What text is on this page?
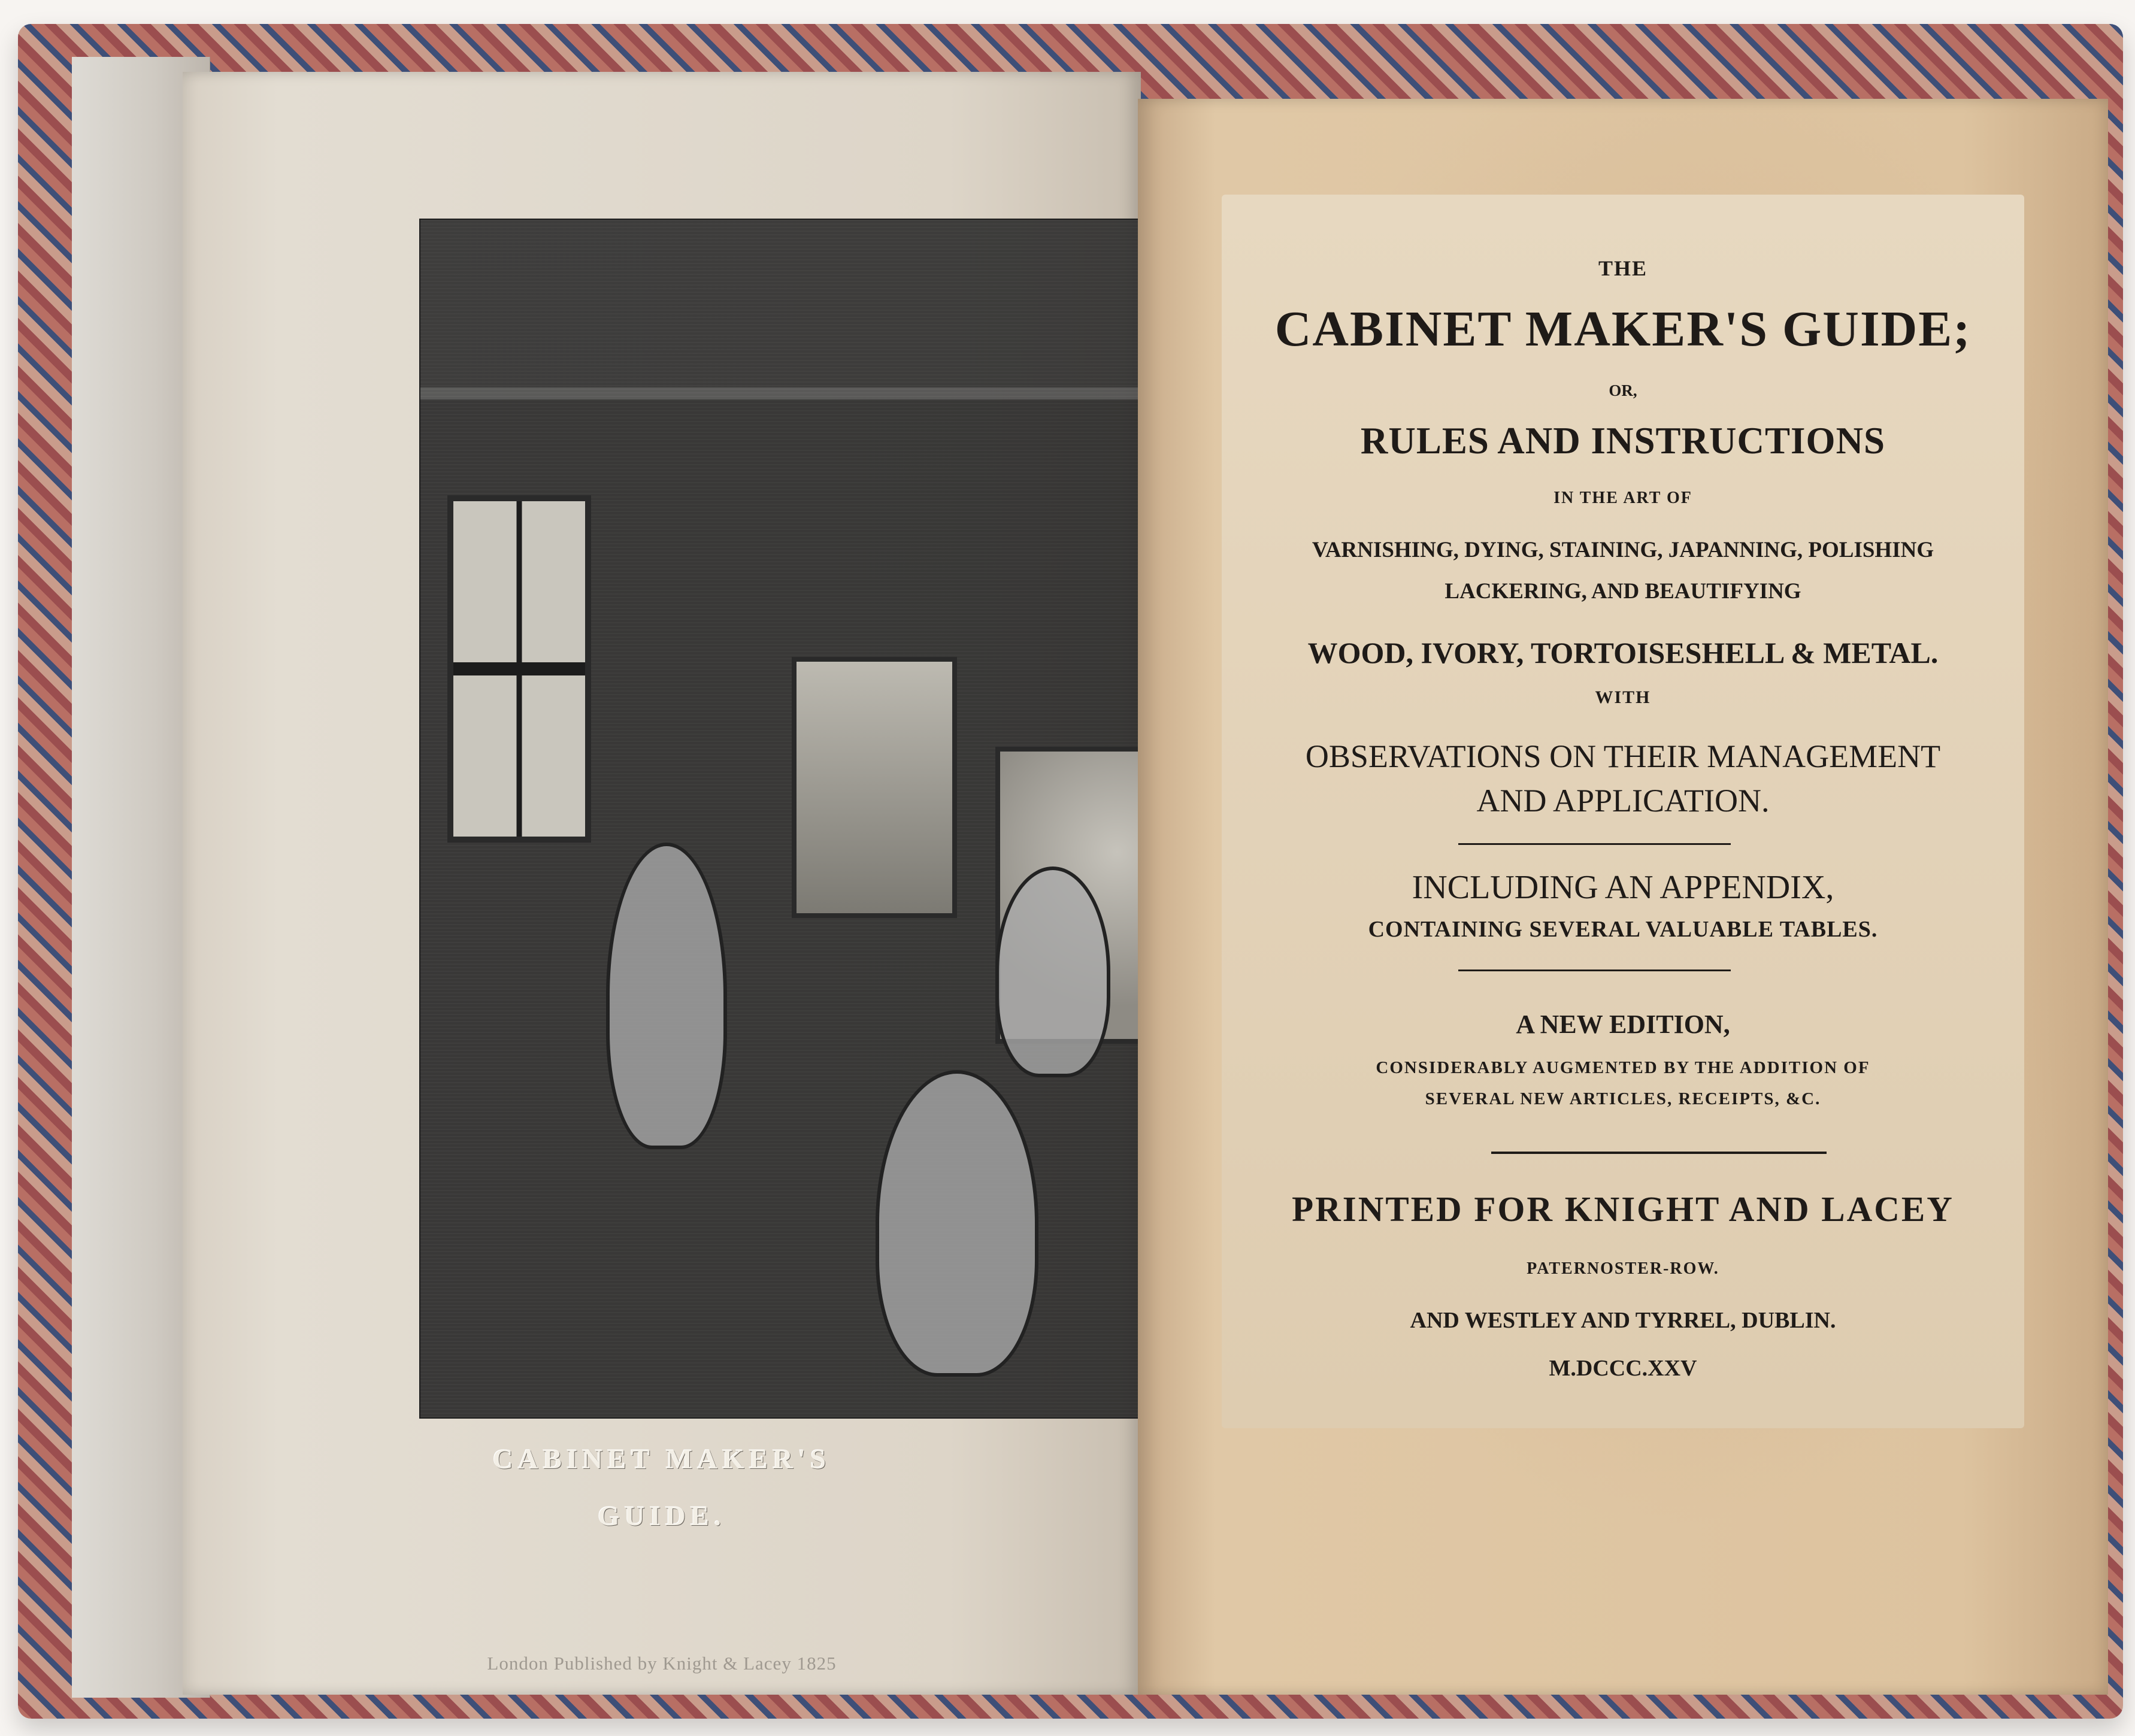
CABINET MAKER'S
GUIDE.
London Published by Knight & Lacey 1825
THE
CABINET MAKER'S GUIDE;
OR,
RULES AND INSTRUCTIONS
IN THE ART OF
VARNISHING, DYING, STAINING, JAPANNING, POLISHING
LACKERING, AND BEAUTIFYING
WOOD, IVORY, TORTOISESHELL & METAL.
WITH
OBSERVATIONS ON THEIR MANAGEMENT
AND APPLICATION.
INCLUDING AN APPENDIX,
CONTAINING SEVERAL VALUABLE TABLES.
A NEW EDITION,
CONSIDERABLY AUGMENTED BY THE ADDITION OF
SEVERAL NEW ARTICLES, RECEIPTS, &C.
PRINTED FOR KNIGHT AND LACEY
PATERNOSTER-ROW.
AND WESTLEY AND TYRREL, DUBLIN.
M.DCCC.XXV
